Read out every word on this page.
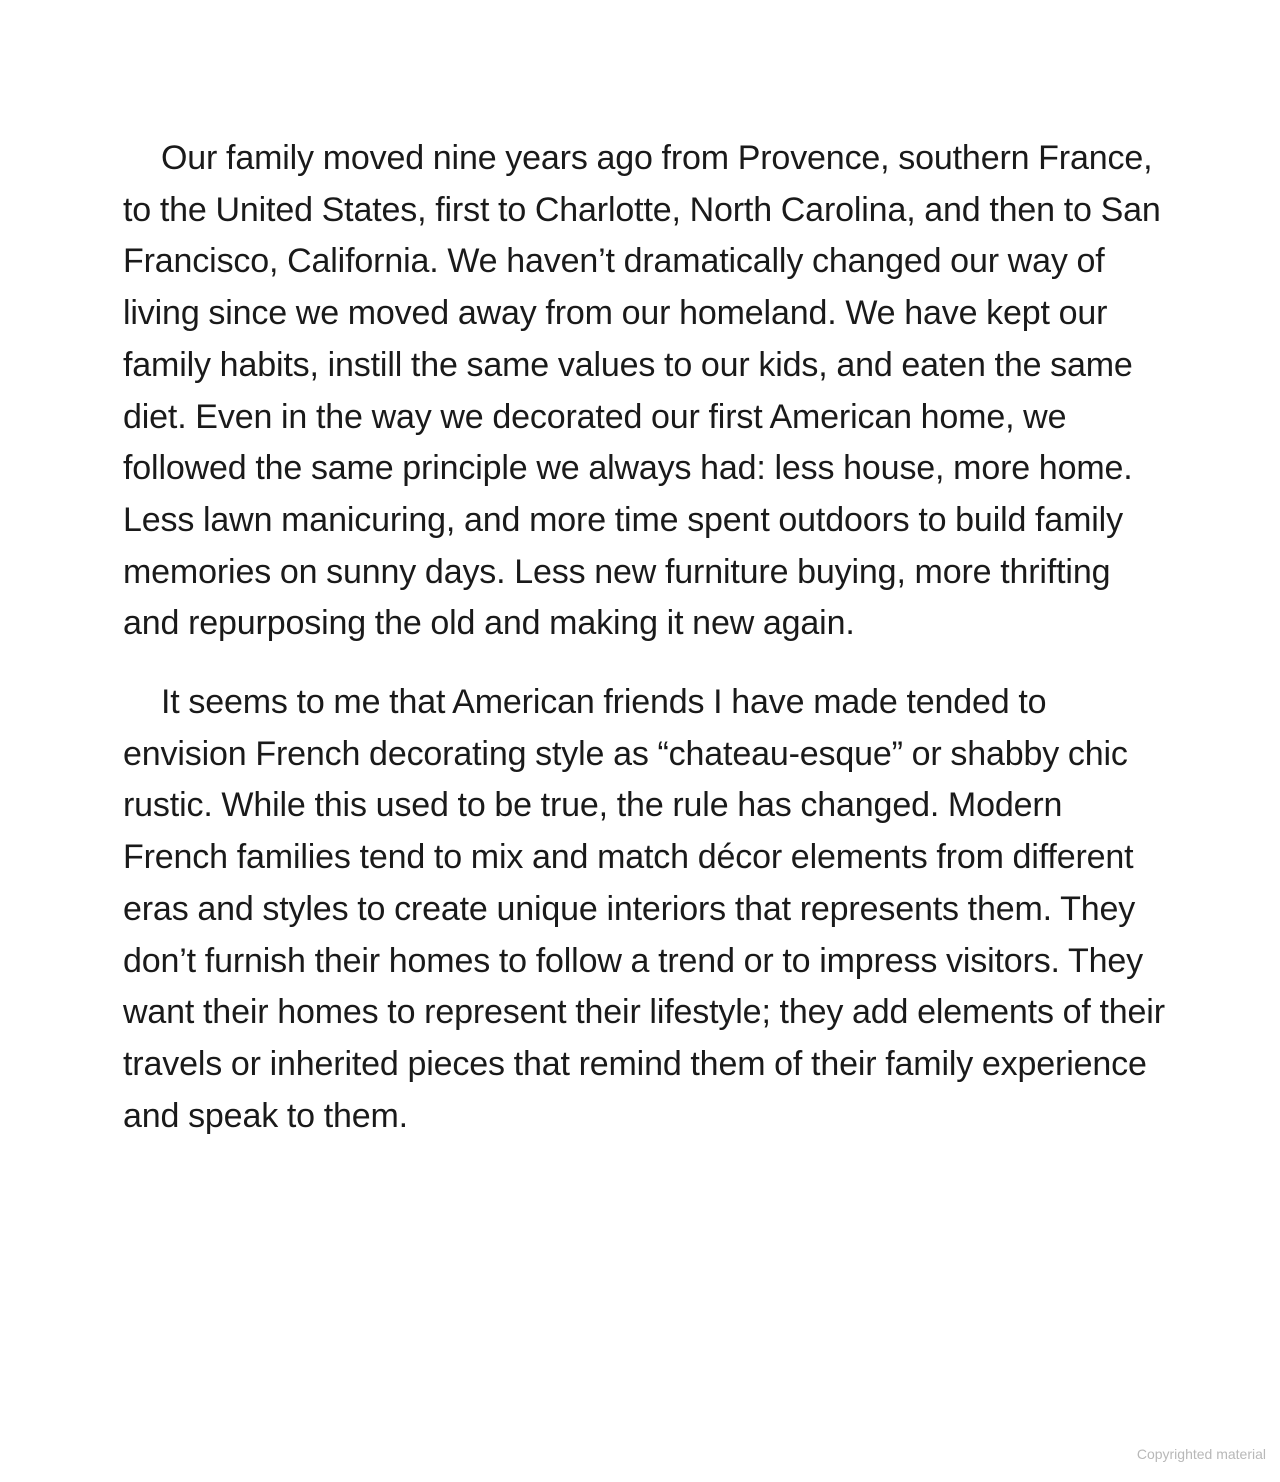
Our family moved nine years ago from Provence, southern France, to the United States, first to Charlotte, North Carolina, and then to San Francisco, California. We haven’t dramatically changed our way of living since we moved away from our homeland. We have kept our family habits, instill the same values to our kids, and eaten the same diet. Even in the way we decorated our first American home, we followed the same principle we always had: less house, more home. Less lawn manicuring, and more time spent outdoors to build family memories on sunny days. Less new furniture buying, more thrifting and repurposing the old and making it new again.

It seems to me that American friends I have made tended to envision French decorating style as “chateau-esque” or shabby chic rustic. While this used to be true, the rule has changed. Modern French families tend to mix and match décor elements from different eras and styles to create unique interiors that represents them. They don’t furnish their homes to follow a trend or to impress visitors. They want their homes to represent their lifestyle; they add elements of their travels or inherited pieces that remind them of their family experience and speak to them.

Copyrighted material
